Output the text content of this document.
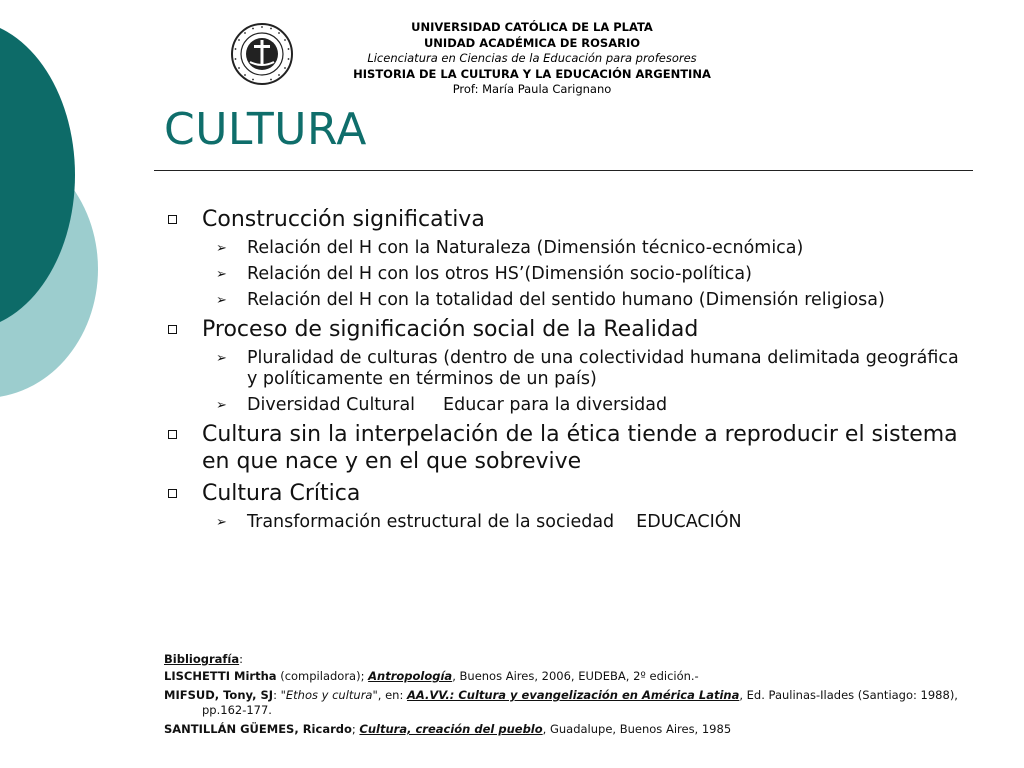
UNIVERSIDAD CATÓLICA DE LA PLATA
UNIDAD ACADÉMICA DE ROSARIO
Licenciatura en Ciencias de la Educación para profesores
HISTORIA DE LA CULTURA Y LA EDUCACIÓN ARGENTINA
Prof: María Paula Carignano
CULTURA
Construcción significativa
➢ Relación del H con la Naturaleza (Dimensión técnico-ecnómica)
➢ Relación del H con los otros HS’(Dimensión socio-política)
➢ Relación del H con la totalidad del sentido humano (Dimensión religiosa)
Proceso de significación social de la Realidad
➢ Pluralidad de culturas (dentro de una colectividad humana delimitada geográfica y políticamente en términos de un país)
➢ Diversidad Cultural Educar para la diversidad
Cultura sin la interpelación de la ética tiende a reproducir el sistema en que nace y en el que sobrevive
Cultura Crítica
➢ Transformación estructural de la sociedad EDUCACIÓN
Bibliografía:
LISCHETTI Mirtha (compiladora); Antropología, Buenos Aires, 2006, EUDEBA, 2º edición.-
MIFSUD, Tony, SJ: "Ethos y cultura", en: AA.VV.: Cultura y evangelización en América Latina, Ed. Paulinas-Ilades (Santiago: 1988), pp.162-177.
SANTILLÁN GÜEMES, Ricardo; Cultura, creación del pueblo, Guadalupe, Buenos Aires, 1985
